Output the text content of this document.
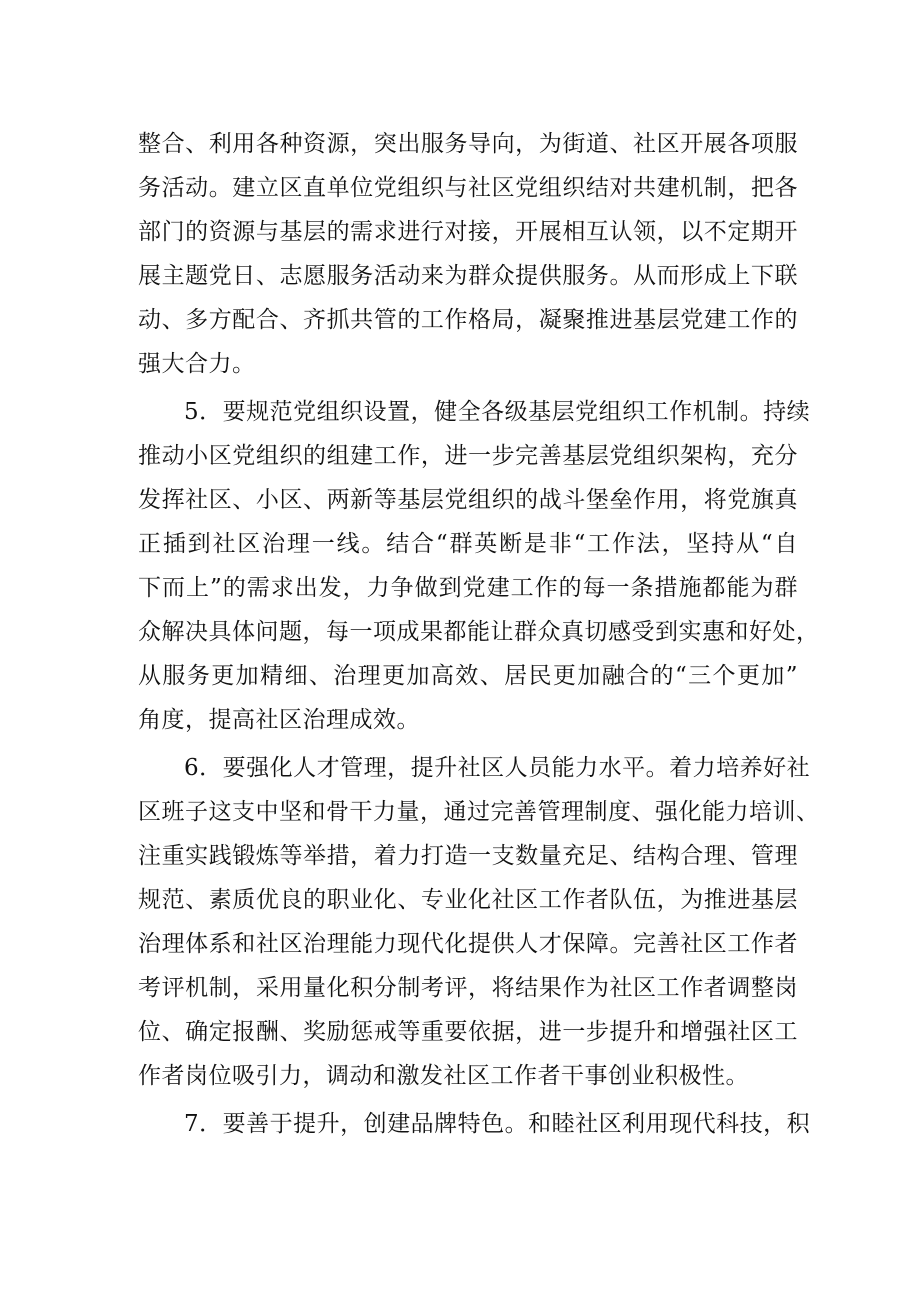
整合、利用各种资源，突出服务导向，为街道、社区开展各项服
务活动。建立区直单位党组织与社区党组织结对共建机制，把各
部门的资源与基层的需求进行对接，开展相互认领，以不定期开
展主题党日、志愿服务活动来为群众提供服务。从而形成上下联
动、多方配合、齐抓共管的工作格局，凝聚推进基层党建工作的
强大合力。
5．要规范党组织设置，健全各级基层党组织工作机制。持续
推动小区党组织的组建工作，进一步完善基层党组织架构，充分
发挥社区、小区、两新等基层党组织的战斗堡垒作用，将党旗真
正插到社区治理一线。结合“群英断是非“工作法，坚持从“自
下而上”的需求出发，力争做到党建工作的每一条措施都能为群
众解决具体问题，每一项成果都能让群众真切感受到实惠和好处，
从服务更加精细、治理更加高效、居民更加融合的“三个更加”
角度，提高社区治理成效。
6．要强化人才管理，提升社区人员能力水平。着力培养好社
区班子这支中坚和骨干力量，通过完善管理制度、强化能力培训、
注重实践锻炼等举措，着力打造一支数量充足、结构合理、管理
规范、素质优良的职业化、专业化社区工作者队伍，为推进基层
治理体系和社区治理能力现代化提供人才保障。完善社区工作者
考评机制，采用量化积分制考评，将结果作为社区工作者调整岗
位、确定报酬、奖励惩戒等重要依据，进一步提升和增强社区工
作者岗位吸引力，调动和激发社区工作者干事创业积极性。
7．要善于提升，创建品牌特色。和睦社区利用现代科技，积
